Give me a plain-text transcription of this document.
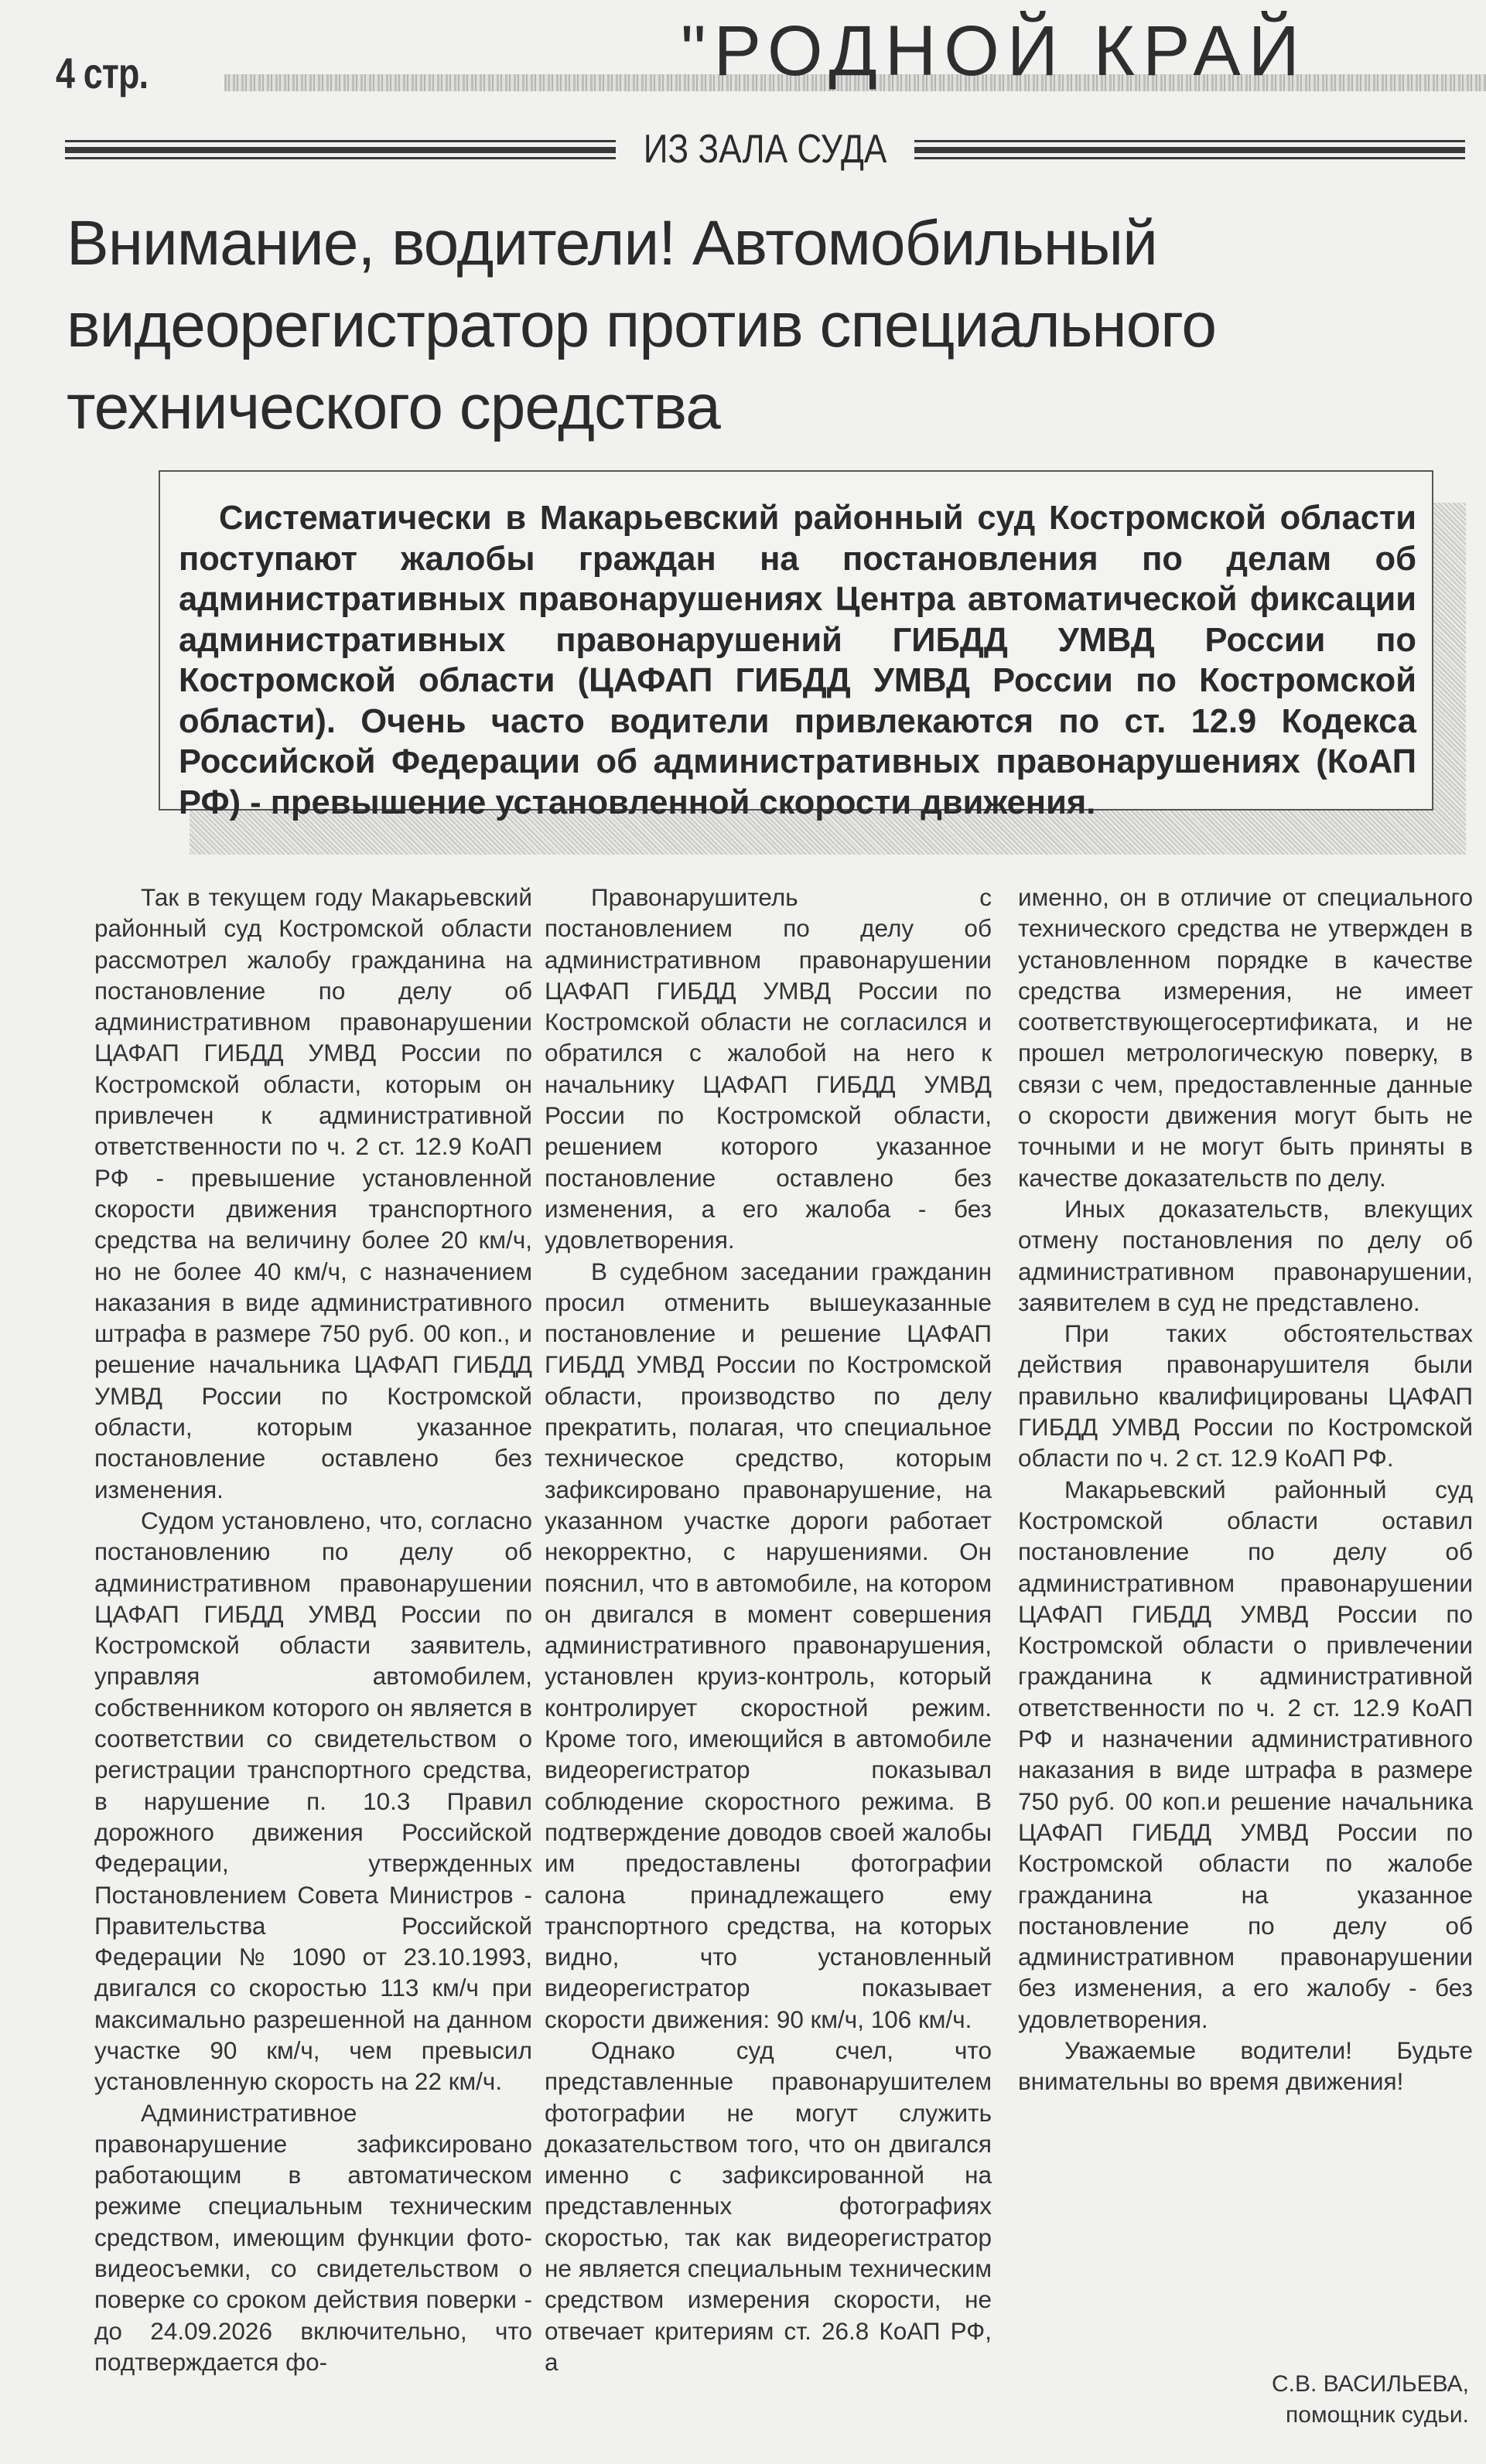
4 стр.	"РОДНОЙ КРАЙ
ИЗ ЗАЛА СУДА
Внимание, водители! Автомобильный видеорегистратор против специального технического средства

Систематически в Макарьевский районный суд Костромской области поступают жалобы граждан на постановления по делам об административных правонарушениях Центра автоматической фиксации административных правонарушений ГИБДД УМВД России по Костромской области (ЦАФАП ГИБДД УМВД России по Костромской области). Очень часто водители привлекаются по ст. 12.9 Кодекса Российской Федерации об административных правонарушениях (КоАП РФ) - превышение установленной скорости движения.

Так в текущем году Макарьевский районный суд Костромской области рассмотрел жалобу гражданина на постановление по делу об административном правонарушении ЦАФАП ГИБДД УМВД России по Костромской области, которым он привлечен к административной ответственности по ч. 2 ст. 12.9 КоАП РФ - превышение установленной скорости движения транспортного средства на величину более 20 км/ч, но не более 40 км/ч, с назначением наказания в виде административного штрафа в размере 750 руб. 00 коп., и решение начальника ЦАФАП ГИБДД УМВД России по Костромской области, которым указанное постановление оставлено без изменения.

Судом установлено, что, согласно постановлению по делу об административном правонарушении ЦАФАП ГИБДД УМВД России по Костромской области заявитель, управляя автомобилем, собственником которого он является в соответствии со свидетельством о регистрации транспортного средства, в нарушение п. 10.3 Правил дорожного движения Российской Федерации, утвержденных Постановлением Совета Министров - Правительства Российской Федерации № 1090 от 23.10.1993, двигался со скоростью 113 км/ч при максимально разрешенной на данном участке 90 км/ч, чем превысил установленную скорость на 22 км/ч.

Административное правонарушение зафиксировано работающим в автоматическом режиме специальным техническим средством, имеющим функции фото- видеосъемки, со свидетельством о поверке со сроком действия поверки - до 24.09.2026 включительно, что подтверждается фо-

Правонарушитель с постановлением по делу об административном правонарушении ЦАФАП ГИБДД УМВД России по Костромской области не согласился и обратился с жалобой на него к начальнику ЦАФАП ГИБДД УМВД России по Костромской области, решением которого указанное постановление оставлено без изменения, а его жалоба - без удовлетворения.

В судебном заседании гражданин просил отменить вышеуказанные постановление и решение ЦАФАП ГИБДД УМВД России по Костромской области, производство по делу прекратить, полагая, что специальное техническое средство, которым зафиксировано правонарушение, на указанном участке дороги работает некорректно, с нарушениями. Он пояснил, что в автомобиле, на котором он двигался в момент совершения административного правонарушения, установлен круиз-контроль, который контролирует скоростной режим. Кроме того, имеющийся в автомобиле видеорегистратор показывал соблюдение скоростного режима. В подтверждение доводов своей жалобы им предоставлены фотографии салона принадлежащего ему транспортного средства, на которых видно, что установленный видеорегистратор показывает скорости движения: 90 км/ч, 106 км/ч.

Однако суд счел, что представленные правонарушителем фотографии не могут служить доказательством того, что он двигался именно с зафиксированной на представленных фотографиях скоростью, так как видеорегистратор не является специальным техническим средством измерения скорости, не отвечает критериям ст. 26.8 КоАП РФ, а

именно, он в отличие от специального технического средства не утвержден в установленном порядке в качестве средства измерения, не имеет соответствующегосертификата, и не прошел метрологическую поверку, в связи с чем, предоставленные данные о скорости движения могут быть не точными и не могут быть приняты в качестве доказательств по делу.

Иных доказательств, влекущих отмену постановления по делу об административном правонарушении, заявителем в суд не представлено.

При таких обстоятельствах действия правонарушителя были правильно квалифицированы ЦАФАП ГИБДД УМВД России по Костромской области по ч. 2 ст. 12.9 КоАП РФ.

Макарьевский районный суд Костромской области оставил постановление по делу об административном правонарушении ЦАФАП ГИБДД УМВД России по Костромской области о привлечении гражданина к административной ответственности по ч. 2 ст. 12.9 КоАП РФ и назначении административного наказания в виде штрафа в размере 750 руб. 00 коп.и решение начальника ЦАФАП ГИБДД УМВД России по Костромской области по жалобе гражданина на указанное постановление по делу об административном правонарушении без изменения, а его жалобу - без удовлетворения.

Уважаемые водители! Будьте внимательны во время движения!

С.В. ВАСИЛЬЕВА,
помощник судьи.
